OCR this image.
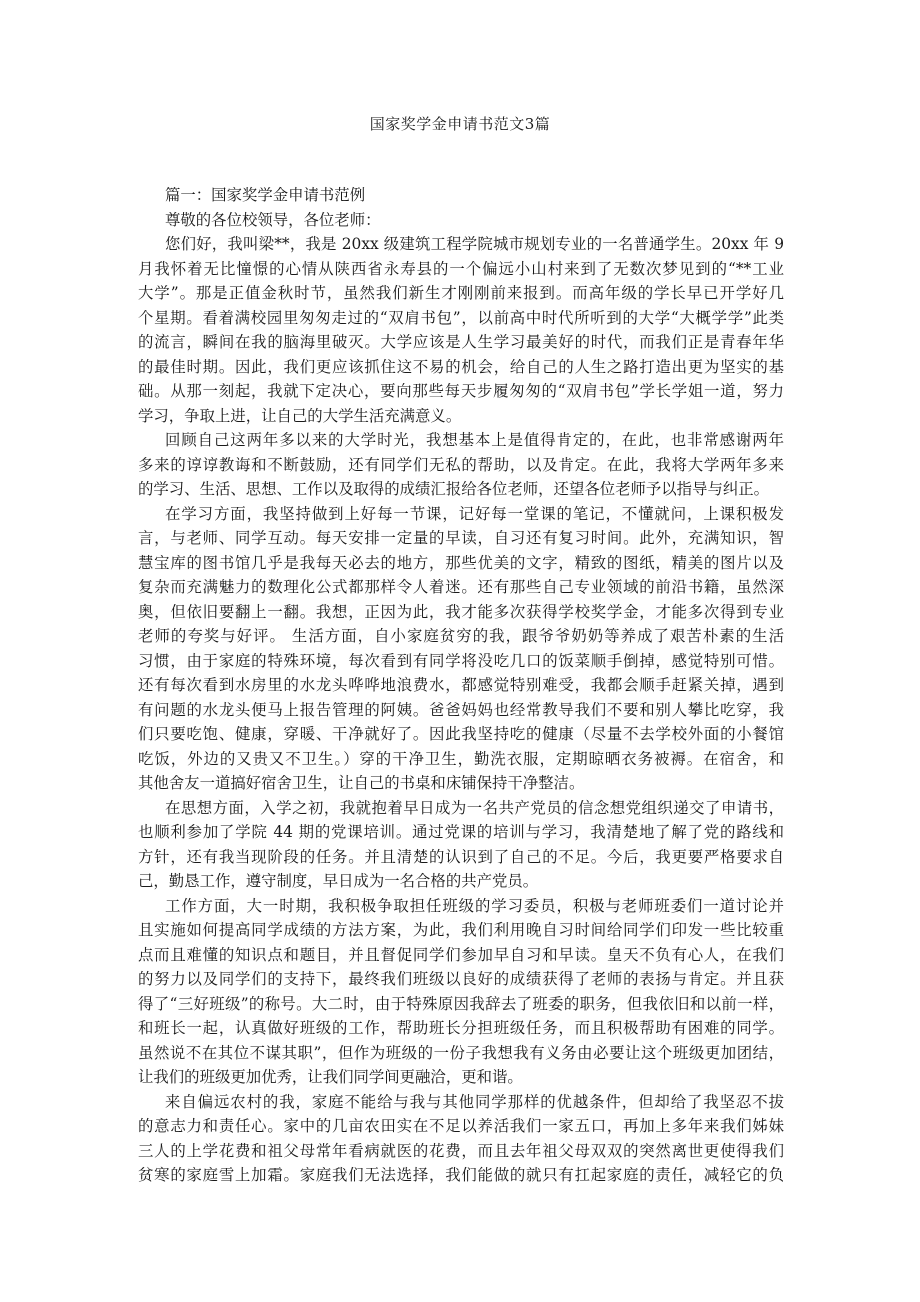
国家奖学金申请书范文3篇
篇一：国家奖学金申请书范例
尊敬的各位校领导，各位老师：
您们好，我叫梁**，我是 20xx 级建筑工程学院城市规划专业的一名普通学生。20xx 年 9
月我怀着无比憧憬的心情从陕西省永寿县的一个偏远小山村来到了无数次梦见到的“**工业
大学”。那是正值金秋时节，虽然我们新生才刚刚前来报到。而高年级的学长早已开学好几
个星期。看着满校园里匆匆走过的“双肩书包”，以前高中时代所听到的大学“大概学学”此类
的流言，瞬间在我的脑海里破灭。大学应该是人生学习最美好的时代，而我们正是青春年华
的最佳时期。因此，我们更应该抓住这不易的机会，给自己的人生之路打造出更为坚实的基
础。从那一刻起，我就下定决心，要向那些每天步履匆匆的“双肩书包”学长学姐一道，努力
学习，争取上进，让自己的大学生活充满意义。
回顾自己这两年多以来的大学时光，我想基本上是值得肯定的，在此，也非常感谢两年
多来的谆谆教诲和不断鼓励，还有同学们无私的帮助，以及肯定。在此，我将大学两年多来
的学习、生活、思想、工作以及取得的成绩汇报给各位老师，还望各位老师予以指导与纠正。
在学习方面，我坚持做到上好每一节课，记好每一堂课的笔记，不懂就问，上课积极发
言，与老师、同学互动。每天安排一定量的早读，自习还有复习时间。此外，充满知识，智
慧宝库的图书馆几乎是我每天必去的地方，那些优美的文字，精致的图纸，精美的图片以及
复杂而充满魅力的数理化公式都那样令人着迷。还有那些自己专业领域的前沿书籍，虽然深
奥，但依旧要翻上一翻。我想，正因为此，我才能多次获得学校奖学金，才能多次得到专业
老师的夸奖与好评。 生活方面，自小家庭贫穷的我，跟爷爷奶奶等养成了艰苦朴素的生活
习惯，由于家庭的特殊环境，每次看到有同学将没吃几口的饭菜顺手倒掉，感觉特别可惜。
还有每次看到水房里的水龙头哗哗地浪费水，都感觉特别难受，我都会顺手赶紧关掉，遇到
有问题的水龙头便马上报告管理的阿姨。爸爸妈妈也经常教导我们不要和别人攀比吃穿，我
们只要吃饱、健康，穿暖、干净就好了。因此我坚持吃的健康（尽量不去学校外面的小餐馆
吃饭，外边的又贵又不卫生。）穿的干净卫生，勤洗衣服，定期晾晒衣务被褥。在宿舍，和
其他舍友一道搞好宿舍卫生，让自己的书桌和床铺保持干净整洁。
在思想方面，入学之初，我就抱着早日成为一名共产党员的信念想党组织递交了申请书，
也顺利参加了学院 44 期的党课培训。通过党课的培训与学习，我清楚地了解了党的路线和
方针，还有我当现阶段的任务。并且清楚的认识到了自己的不足。今后，我更要严格要求自
己，勤恳工作，遵守制度，早日成为一名合格的共产党员。
工作方面，大一时期，我积极争取担任班级的学习委员，积极与老师班委们一道讨论并
且实施如何提高同学成绩的方法方案，为此，我们利用晚自习时间给同学们印发一些比较重
点而且难懂的知识点和题目，并且督促同学们参加早自习和早读。皇天不负有心人，在我们
的努力以及同学们的支持下，最终我们班级以良好的成绩获得了老师的表扬与肯定。并且获
得了“三好班级”的称号。大二时，由于特殊原因我辞去了班委的职务，但我依旧和以前一样，
和班长一起，认真做好班级的工作，帮助班长分担班级任务，而且积极帮助有困难的同学。
虽然说不在其位不谋其职”，但作为班级的一份子我想我有义务由必要让这个班级更加团结，
让我们的班级更加优秀，让我们同学间更融洽，更和谐。
来自偏远农村的我，家庭不能给与我与其他同学那样的优越条件，但却给了我坚忍不拔
的意志力和责任心。家中的几亩农田实在不足以养活我们一家五口，再加上多年来我们姊妹
三人的上学花费和祖父母常年看病就医的花费，而且去年祖父母双双的突然离世更使得我们
贫寒的家庭雪上加霜。家庭我们无法选择，我们能做的就只有扛起家庭的责任，减轻它的负
